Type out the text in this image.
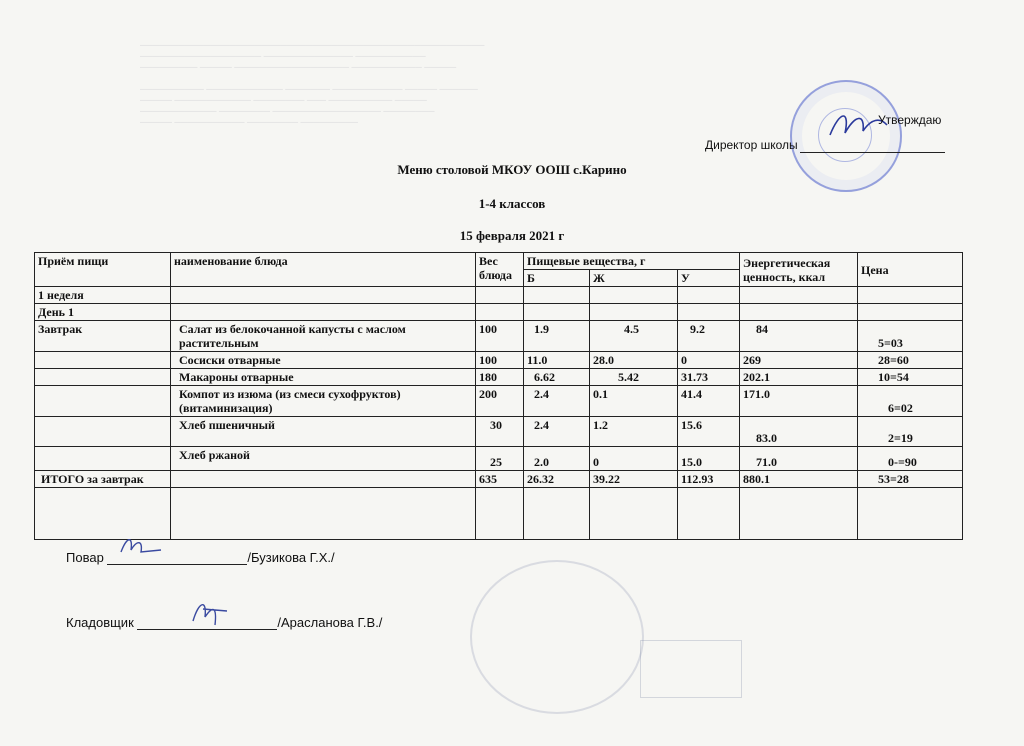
──────────────────────────────────────────────────────
─────────────────── ────────────── ───────────
───────── ───── ────────────────── ─────────── ─────

────────── ──────────── ─────── ─────────── ───── ──────
───── ──────────── ──────── ─── ────────── ─────
──────────── ──────── ───────────────── ────────
───── ─────────── ──────── ─────────	Утверждаю
Директор школы
Меню столовой МКОУ ООШ с.Карино
1-4 классов
15 февраля 2021 г
Приём пищи	наименование блюда	Вес блюда	Пищевые вещества, г			Энергетическая ценность, ккал	Цена
			Б	Ж	У		
1 неделя							
День 1							
Завтрак	Салат из белокочанной капусты с маслом растительным	100	1.9	4.5	9.2	84	5=03
	Сосиски отварные	100	11.0	28.0	0	269	28=60
	Макароны отварные	180	6.62	5.42	31.73	202.1	10=54
	Компот из изюма (из смеси сухофруктов) (витаминизация)	200	2.4	0.1	41.4	171.0	6=02
	Хлеб пшеничный	30	2.4	1.2	15.6	83.0	2=19
	Хлеб ржаной	25	2.0	0	15.0	71.0	0-=90
ИТОГО за завтрак		635	26.32	39.22	112.93	880.1	53=28

Повар	/Бузикова Г.Х./
Кладовщик	/Арасланова Г.В./
